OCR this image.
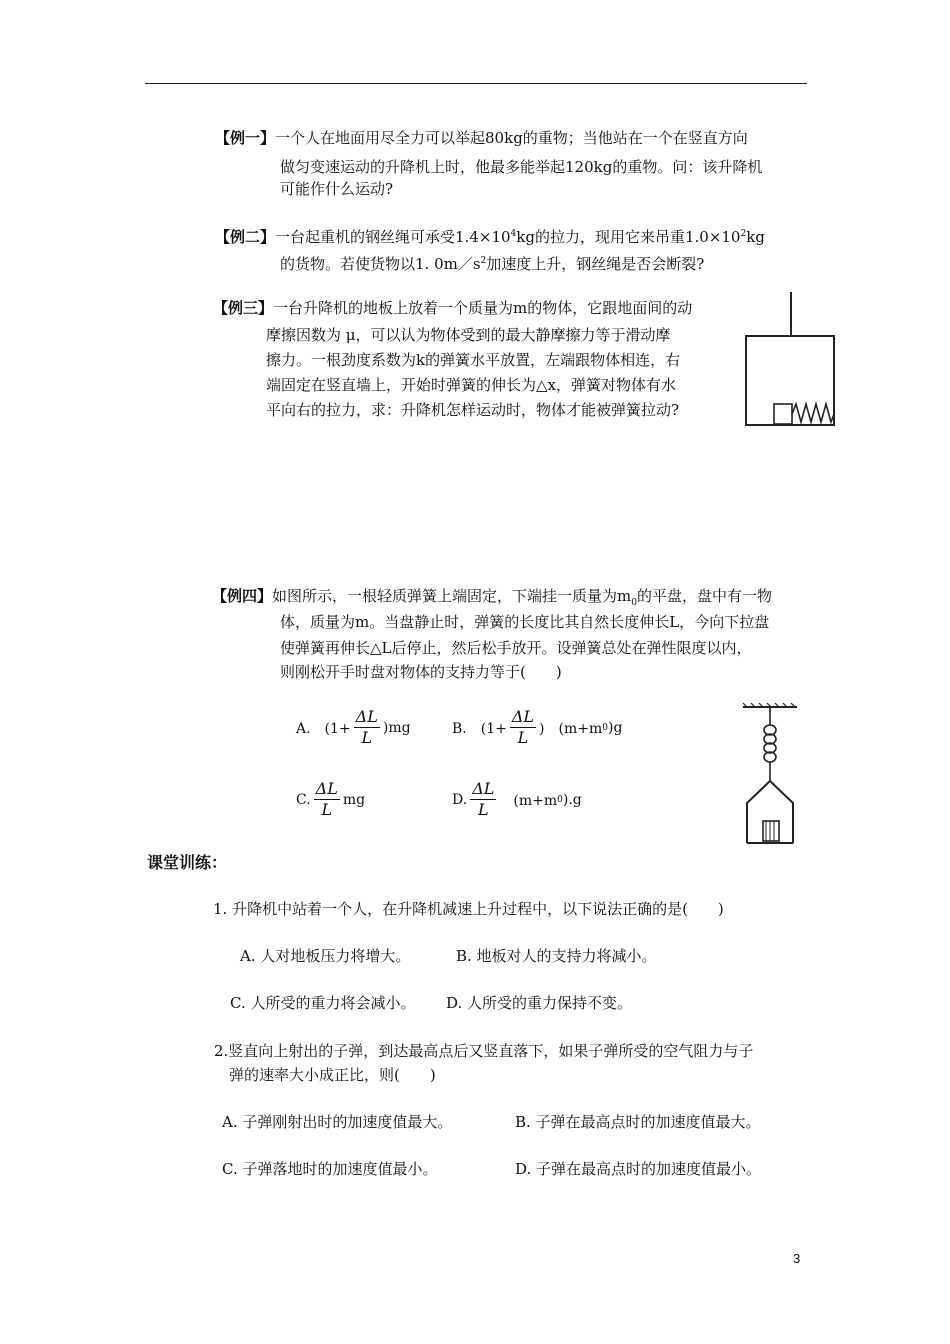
【例一】一个人在地面用尽全力可以举起80kg的重物；当他站在一个在竖直方向
做匀变速运动的升降机上时，他最多能举起120kg的重物。问：该升降机
可能作什么运动?
【例二】一台起重机的钢丝绳可承受$1.4\times 10^4kg$的拉力，现用它来吊重$1.0\times 10^2kg$
的货物。若使货物以1. $0m/s^2$加速度上升，钢丝绳是否会断裂?
【例三】一台升降机的地板上放着一个质量为m的物体，它跟地面间的动
摩擦因数为 μ，可以认为物体受到的最大静摩擦力等于滑动摩
擦力。一根劲度系数为k的弹簧水平放置，左端跟物体相连，右
端固定在竖直墙上，开始时弹簧的伸长为△x，弹簧对物体有水
平向右的拉力，求：升降机怎样运动时，物体才能被弹簧拉动?
【例四】如图所示，一根轻质弹簧上端固定，下端挂一质量为$m_0$的平盘，盘中有一物
体，质量为m。当盘静止时，弹簧的长度比其自然长度伸长L，今向下拉盘
使弹簧再伸长△L后停止，然后松手放开。设弹簧总处在弹性限度以内，
则刚松开手时盘对物体的支持力等于(　　)
A.　$(1+ \frac{\Delta L}{L} )mg$	B.　($1+ \frac{\Delta L}{L}$ )　(m+m 0 )g
C. $\frac{\Delta L}{L}$ mg	D. $\frac{\Delta L}{L}$ 　(m+m 0 ).g
课堂训练：
1. 升降机中站着一个人，在升降机减速上升过程中，以下说法正确的是(　　)
A. 人对地板压力将增大。	B. 地板对人的支持力将减小。
C. 人所受的重力将会减小。 D. 人所受的重力保持不变。
2.竖直向上射出的子弹，到达最高点后又竖直落下，如果子弹所受的空气阻力与子
弹的速率大小成正比，则(　　)
A. 子弹刚射出时的加速度值最大。	B. 子弹在最高点时的加速度值最大。
C. 子弹落地时的加速度值最小。	D. 子弹在最高点时的加速度值最小。
3
